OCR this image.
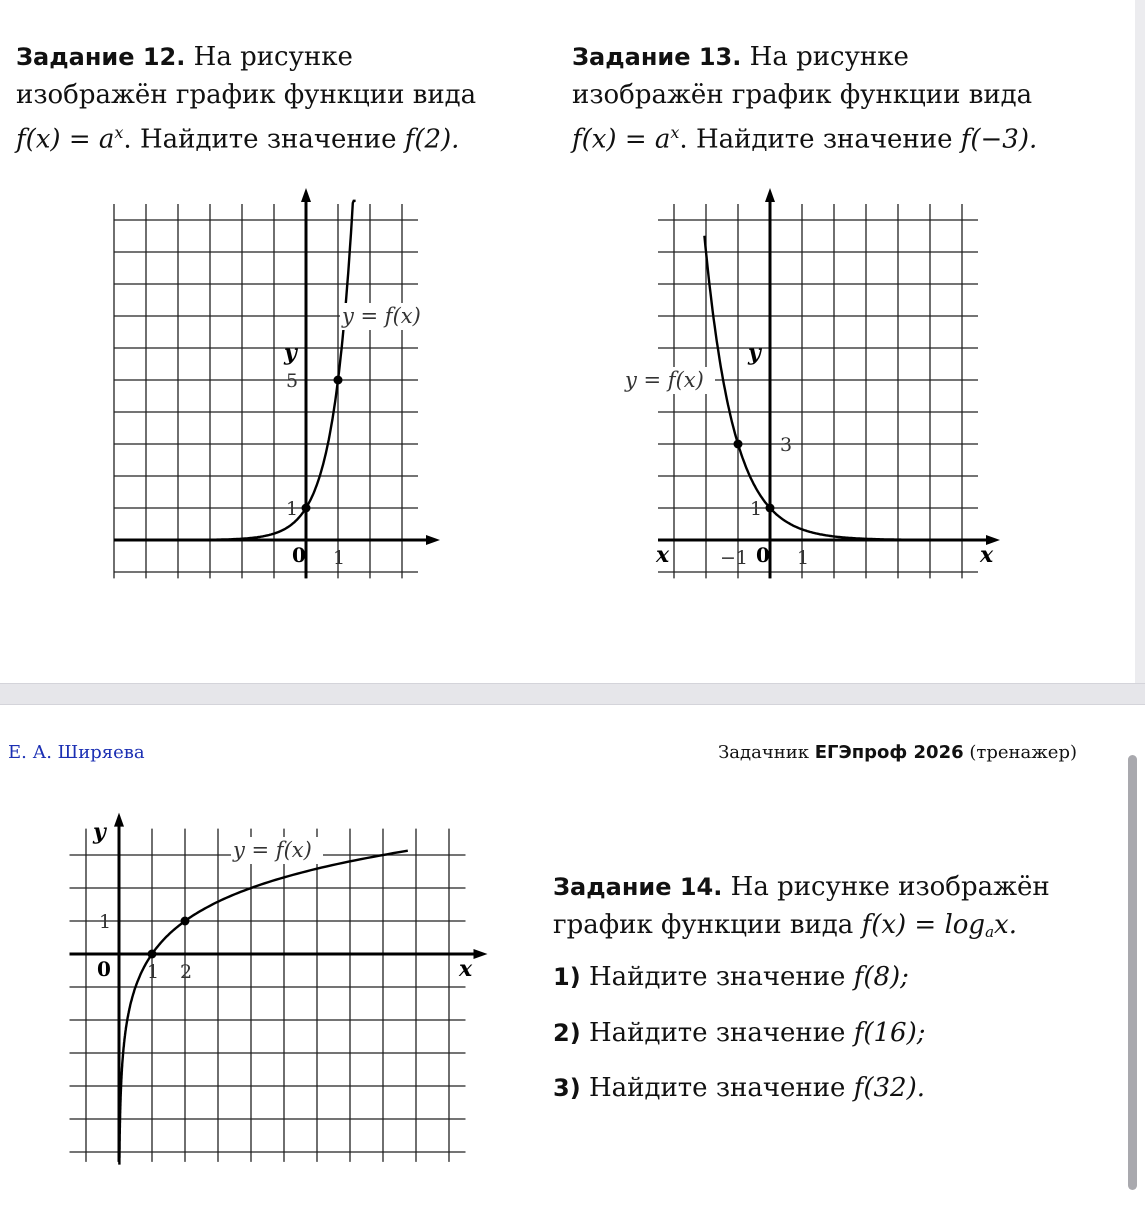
Задание 12. На рисунке
изображён график функции вида
$f(x) = a^x$. Найдите значение f(2).
Задание 13. На рисунке
изображён график функции вида
$f(x) = a^x$. Найдите значение f(−3).
x
y
0 1
1
5
y = f(x)
x
y
0
−1	1
1
3
y = f(x)
x
y
0 1 2
1
y = f(x)
Е. А. Ширяева	Задачник ЕГЭпроф 2026 (тренажер)
Задание 14. На рисунке изображён
график функции вида $f(x) = \log_ax$.
1) Найдите значение f(8);
2) Найдите значение f(16);
3) Найдите значение f(32).
